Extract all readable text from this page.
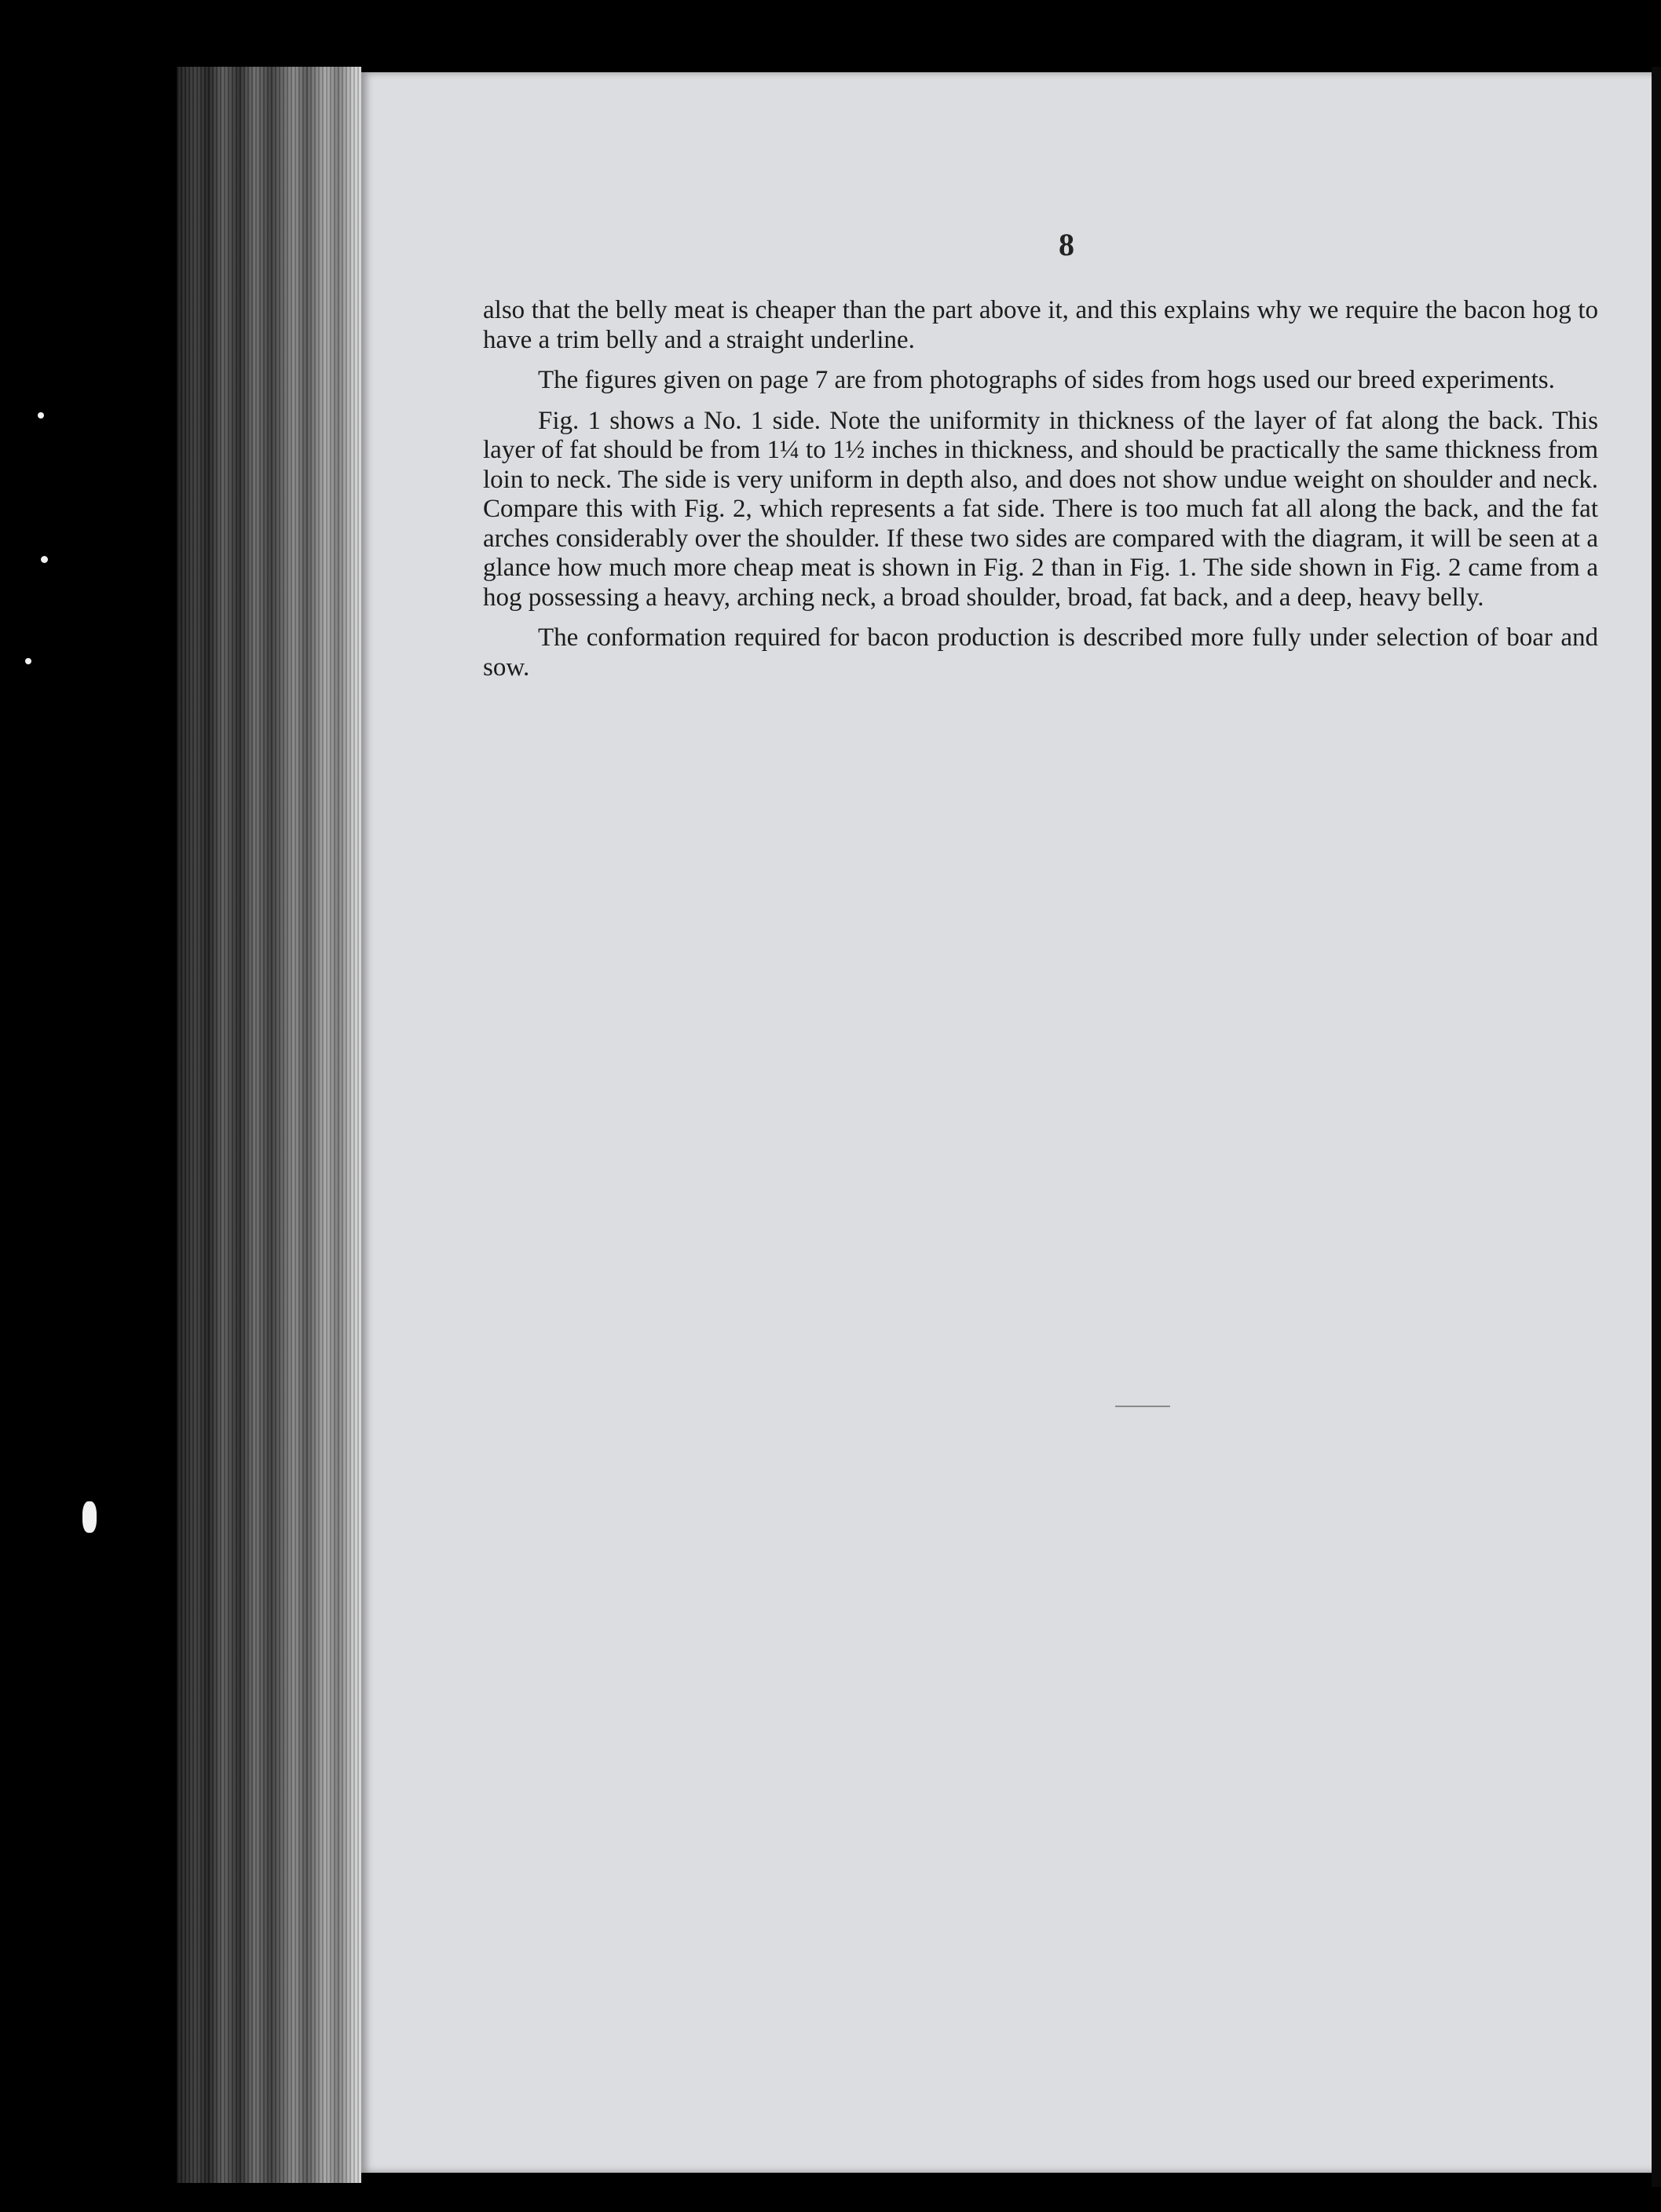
8

also that the belly meat is cheaper than the part above it, and this explains why we require the bacon hog to have a trim belly and a straight underline.

The figures given on page 7 are from photographs of sides from hogs used our breed experiments.

Fig. 1 shows a No. 1 side. Note the uniformity in thickness of the layer of fat along the back. This layer of fat should be from 1¼ to 1½ inches in thickness, and should be practically the same thickness from loin to neck. The side is very uniform in depth also, and does not show undue weight on shoulder and neck. Compare this with Fig. 2, which represents a fat side. There is too much fat all along the back, and the fat arches considerably over the shoulder. If these two sides are compared with the diagram, it will be seen at a glance how much more cheap meat is shown in Fig. 2 than in Fig. 1. The side shown in Fig. 2 came from a hog possessing a heavy, arching neck, a broad shoulder, broad, fat back, and a deep, heavy belly.

The conformation required for bacon production is described more fully under selection of boar and sow.
